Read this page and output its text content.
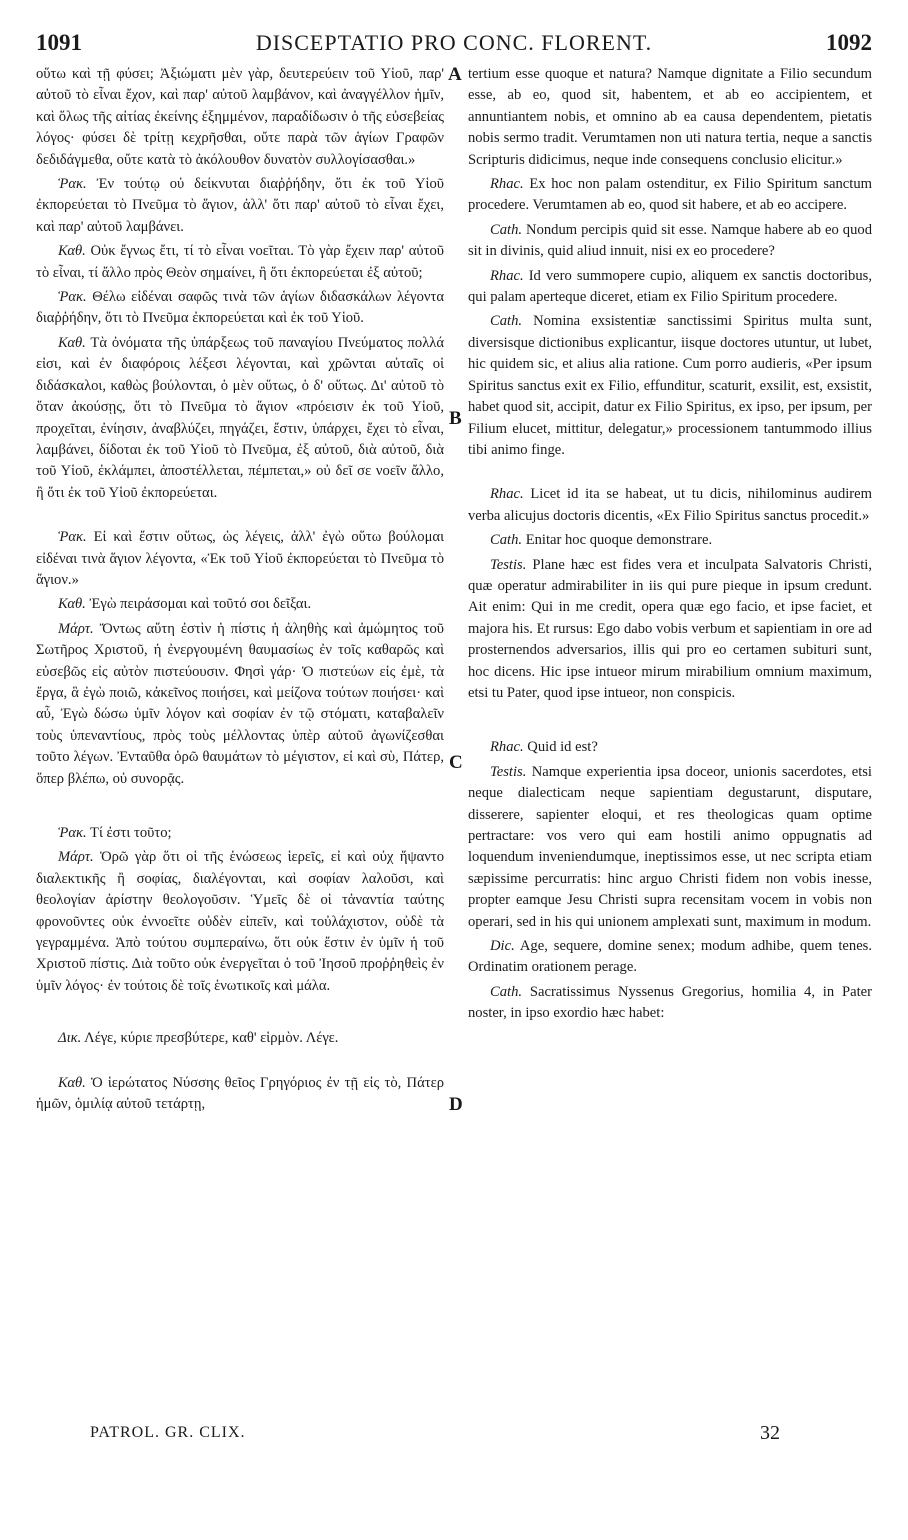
1091	DISCEPTATIO PRO CONC. FLORENT.	1092

οὕτω καὶ τῇ φύσει; Ἀξιώματι μὲν γὰρ, δευτερεύειν τοῦ Υἱοῦ, παρ' αὐτοῦ τὸ εἶναι ἔχον, καὶ παρ' αὐτοῦ λαμβάνον, καὶ ἀναγγέλλον ἡμῖν, καὶ ὅλως τῆς αἰτίας ἐκείνης ἐξημμένον, παραδίδωσιν ὁ τῆς εὐσεβείας λόγος· φύσει δὲ τρίτῃ κεχρῆσθαι, οὔτε παρὰ τῶν ἁγίων Γραφῶν δεδιδάγμεθα, οὔτε κατὰ τὸ ἀκόλουθον δυνατὸν συλλογίσασθαι.»

Ῥακ. Ἐν τούτῳ οὐ δείκνυται διαῤῥήδην, ὅτι ἐκ τοῦ Υἱοῦ ἐκπορεύεται τὸ Πνεῦμα τὸ ἅγιον, ἀλλ' ὅτι παρ' αὐτοῦ τὸ εἶναι ἔχει, καὶ παρ' αὐτοῦ λαμβάνει.

Καθ. Οὐκ ἔγνως ἔτι, τί τὸ εἶναι νοεῖται. Τὸ γὰρ ἔχειν παρ' αὐτοῦ τὸ εἶναι, τί ἄλλο πρὸς Θεὸν σημαίνει, ἢ ὅτι ἐκπορεύεται ἐξ αὐτοῦ;

Ῥακ. Θέλω εἰδέναι σαφῶς τινὰ τῶν ἁγίων διδασκάλων λέγοντα διαῤῥήδην, ὅτι τὸ Πνεῦμα ἐκπορεύεται καὶ ἐκ τοῦ Υἱοῦ.

Καθ. Τὰ ὀνόματα τῆς ὑπάρξεως τοῦ παναγίου Πνεύματος πολλά εἰσι, καὶ ἐν διαφόροις λέξεσι λέγονται, καὶ χρῶνται αὐταῖς οἱ διδάσκαλοι, καθὼς βούλονται, ὁ μὲν οὕτως, ὁ δ' οὕτως. Δι' αὐτοῦ τὸ ὅταν ἀκούσῃς, ὅτι τὸ Πνεῦμα τὸ ἅγιον «πρόεισιν ἐκ τοῦ Υἱοῦ, προχεῖται, ἐνίησιν, ἀναβλύζει, πηγάζει, ἔστιν, ὑπάρχει, ἔχει τὸ εἶναι, λαμβάνει, δίδοται ἐκ τοῦ Υἱοῦ τὸ Πνεῦμα, ἐξ αὐτοῦ, διὰ αὐτοῦ, διὰ τοῦ Υἱοῦ, ἐκλάμπει, ἀποστέλλεται, πέμπεται,» οὐ δεῖ σε νοεῖν ἄλλο, ἢ ὅτι ἐκ τοῦ Υἱοῦ ἐκπορεύεται.

Ῥακ. Εἰ καὶ ἔστιν οὕτως, ὡς λέγεις, ἀλλ' ἐγὼ οὕτω βούλομαι εἰδέναι τινὰ ἅγιον λέγοντα, «Ἐκ τοῦ Υἱοῦ ἐκπορεύεται τὸ Πνεῦμα τὸ ἅγιον.»

Καθ. Ἐγὼ πειράσομαι καὶ τοῦτό σοι δεῖξαι.

Μάρτ. Ὄντως αὕτη ἐστὶν ἡ πίστις ἡ ἀληθὴς καὶ ἀμώμητος τοῦ Σωτῆρος Χριστοῦ, ἡ ἐνεργουμένη θαυμασίως ἐν τοῖς καθαρῶς καὶ εὐσεβῶς εἰς αὐτὸν πιστεύουσιν. Φησὶ γάρ· Ὁ πιστεύων εἰς ἐμὲ, τὰ ἔργα, ἃ ἐγὼ ποιῶ, κἀκεῖνος ποιήσει, καὶ μείζονα τούτων ποιήσει· καὶ αὖ, Ἐγὼ δώσω ὑμῖν λόγον καὶ σοφίαν ἐν τῷ στόματι, καταβαλεῖν τοὺς ὑπεναντίους, πρὸς τοὺς μέλλοντας ὑπὲρ αὐτοῦ ἀγωνίζεσθαι τοῦτο λέγων. Ἐνταῦθα ὁρῶ θαυμάτων τὸ μέγιστον, εἰ καὶ σὺ, Πάτερ, ὅπερ βλέπω, οὐ συνορᾷς.

Ῥακ. Τί ἐστι τοῦτο;

Μάρτ. Ὁρῶ γὰρ ὅτι οἱ τῆς ἑνώσεως ἱερεῖς, εἰ καὶ οὐχ ἥψαντο διαλεκτικῆς ἢ σοφίας, διαλέγονται, καὶ σοφίαν λαλοῦσι, καὶ θεολογίαν ἀρίστην θεολογοῦσιν. Ὑμεῖς δὲ οἱ τἀναντία ταύτης φρονοῦντες οὐκ ἐννοεῖτε οὐδὲν εἰπεῖν, καὶ τοὐλάχιστον, οὐδὲ τὰ γεγραμμένα. Ἀπὸ τούτου συμπεραίνω, ὅτι οὐκ ἔστιν ἐν ὑμῖν ἡ τοῦ Χριστοῦ πίστις. Διὰ τοῦτο οὐκ ἐνεργεῖται ὁ τοῦ Ἰησοῦ προῤῥηθεὶς ἐν ὑμῖν λόγος· ἐν τούτοις δὲ τοῖς ἑνωτικοῖς καὶ μάλα.

Δικ. Λέγε, κύριε πρεσβύτερε, καθ' εἱρμὸν. Λέγε.

Καθ. Ὁ ἱερώτατος Νύσσης θεῖος Γρηγόριος ἐν τῇ εἰς τὸ, Πάτερ ἡμῶν, ὁμιλίᾳ αὐτοῦ τετάρτῃ,

tertium esse quoque et natura? Namque dignitate a Filio secundum esse, ab eo, quod sit, habentem, et ab eo accipientem, et annuntiantem nobis, et omnino ab ea causa dependentem, pietatis nobis sermo tradit. Verumtamen non uti natura tertia, neque a sanctis Scripturis didicimus, neque inde consequens conclusio elicitur.»

Rhac. Ex hoc non palam ostenditur, ex Filio Spiritum sanctum procedere. Verumtamen ab eo, quod sit habere, et ab eo accipere.

Cath. Nondum percipis quid sit esse. Namque habere ab eo quod sit in divinis, quid aliud innuit, nisi ex eo procedere?

Rhac. Id vero summopere cupio, aliquem ex sanctis doctoribus, qui palam aperteque diceret, etiam ex Filio Spiritum procedere.

Cath. Nomina exsistentiæ sanctissimi Spiritus multa sunt, diversisque dictionibus explicantur, iisque doctores utuntur, ut lubet, hic quidem sic, et alius alia ratione. Cum porro audieris, «Per ipsum Spiritus sanctus exit ex Filio, effunditur, scaturit, exsilit, est, exsistit, habet quod sit, accipit, datur ex Filio Spiritus, ex ipso, per ipsum, per Filium elucet, mittitur, delegatur,» processionem tantummodo illius tibi animo finge.

Rhac. Licet id ita se habeat, ut tu dicis, nihilominus audirem verba alicujus doctoris dicentis, «Ex Filio Spiritus sanctus procedit.»

Cath. Enitar hoc quoque demonstrare.

Testis. Plane hæc est fides vera et inculpata Salvatoris Christi, quæ operatur admirabiliter in iis qui pure pieque in ipsum credunt. Ait enim: Qui in me credit, opera quæ ego facio, et ipse faciet, et majora his. Et rursus: Ego dabo vobis verbum et sapientiam in ore ad prosternendos adversarios, illis qui pro eo certamen subituri sunt, hoc dicens. Hic ipse intueor mirum mirabilium omnium maximum, etsi tu Pater, quod ipse intueor, non conspicis.

Rhac. Quid id est?

Testis. Namque experientia ipsa doceor, unionis sacerdotes, etsi neque dialecticam neque sapientiam degustarunt, disputare, disserere, sapienter eloqui, et res theologicas quam optime pertractare: vos vero qui eam hostili animo oppugnatis ad loquendum inveniendumque, ineptissimos esse, ut nec scripta etiam sæpissime percurratis: hinc arguo Christi fidem non vobis inesse, propter eamque Jesu Christi supra recensitam vocem in vobis non operari, sed in his qui unionem amplexati sunt, maximum in modum.

Dic. Age, sequere, domine senex; modum adhibe, quem tenes. Ordinatim orationem perage.

Cath. Sacratissimus Nyssenus Gregorius, homilia 4, in Pater noster, in ipso exordio hæc habet:

A
B
C
D
PATROL. GR. CLIX.	32
